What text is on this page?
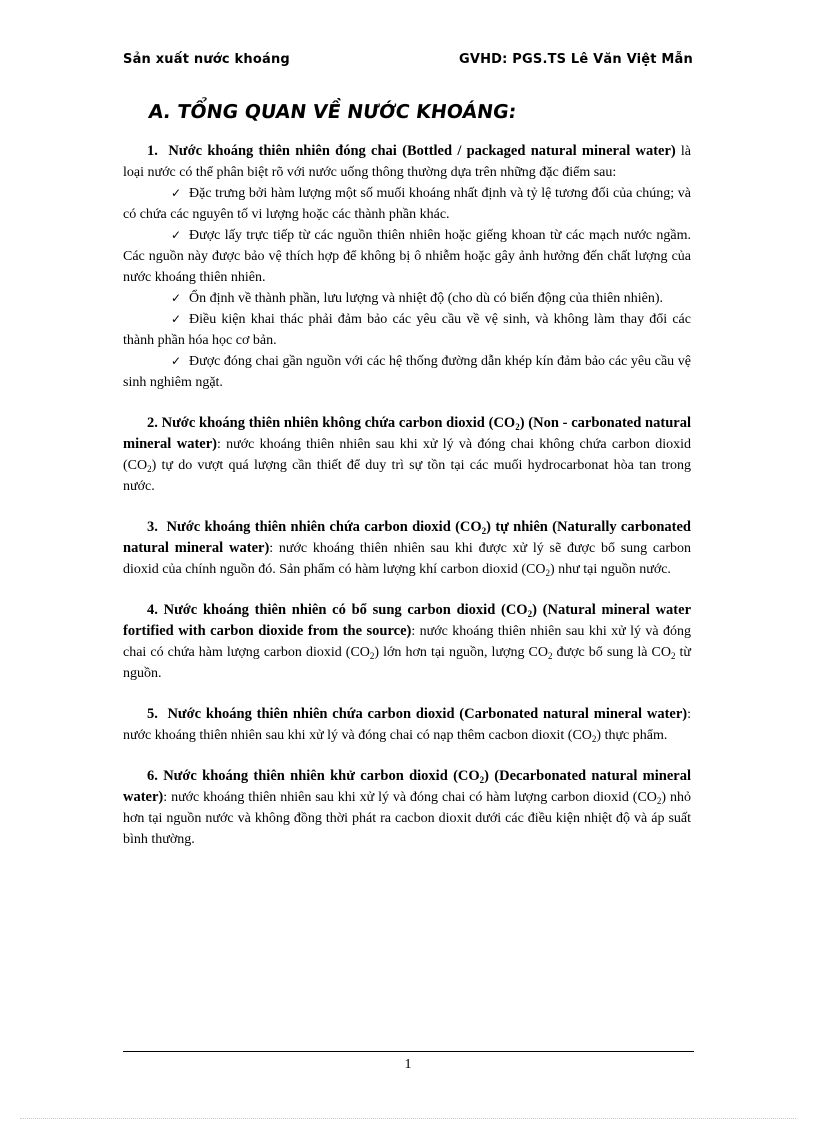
Sản xuất nước khoáng	GVHD: PGS.TS Lê Văn Việt Mẫn
A. TỔNG QUAN VỀ NƯỚC KHOÁNG:

1.  Nước khoáng thiên nhiên đóng chai (Bottled / packaged natural mineral water) là loại nước có thể phân biệt rõ với nước uống thông thường dựa trên những đặc điểm sau:

✓ Đặc trưng bởi hàm lượng một số muối khoáng nhất định và tỷ lệ tương đối của chúng; và có chứa các nguyên tố vi lượng hoặc các thành phần khác.

✓ Được lấy trực tiếp từ các nguồn thiên nhiên hoặc giếng khoan từ các mạch nước ngầm. Các nguồn này được bảo vệ thích hợp để không bị ô nhiễm hoặc gây ảnh hưởng đến chất lượng của nước khoáng thiên nhiên.

✓ Ổn định về thành phần, lưu lượng và nhiệt độ (cho dù có biến động của thiên nhiên).

✓ Điều kiện khai thác phải đảm bảo các yêu cầu về vệ sinh, và không làm thay đổi các thành phần hóa học cơ bản.

✓ Được đóng chai gần nguồn với các hệ thống đường dẫn khép kín đảm bảo các yêu cầu vệ sinh nghiêm ngặt.

2. Nước khoáng thiên nhiên không chứa carbon dioxid $(CO_2)$ (Non - carbonated natural mineral water): nước khoáng thiên nhiên sau khi xử lý và đóng chai không chứa carbon dioxid $(CO_2)$ tự do vượt quá lượng cần thiết để duy trì sự tồn tại các muối hydrocarbonat hòa tan trong nước.

3.  Nước khoáng thiên nhiên chứa carbon dioxid $(CO_2)$ tự nhiên (Naturally carbonated natural mineral water): nước khoáng thiên nhiên sau khi được xử lý sẽ được bổ sung carbon dioxid của chính nguồn đó. Sản phẩm có hàm lượng khí carbon dioxid $(CO_2)$ như tại nguồn nước.

4. Nước khoáng thiên nhiên có bổ sung carbon dioxid $(CO_2)$ (Natural mineral water fortified with carbon dioxide from the source): nước khoáng thiên nhiên sau khi xử lý và đóng chai có chứa hàm lượng carbon dioxid $(CO_2)$ lớn hơn tại nguồn, lượng $CO_2$ được bổ sung là $CO_2$ từ nguồn.

5.  Nước khoáng thiên nhiên chứa carbon dioxid (Carbonated natural mineral water): nước khoáng thiên nhiên sau khi xử lý và đóng chai có nạp thêm cacbon dioxit $(CO_2)$ thực phẩm.

6. Nước khoáng thiên nhiên khử carbon dioxid $(CO_2)$ (Decarbonated natural mineral water): nước khoáng thiên nhiên sau khi xử lý và đóng chai có hàm lượng carbon dioxid $(CO_2)$ nhỏ hơn tại nguồn nước và không đồng thời phát ra cacbon dioxit dưới các điều kiện nhiệt độ và áp suất bình thường.

1
